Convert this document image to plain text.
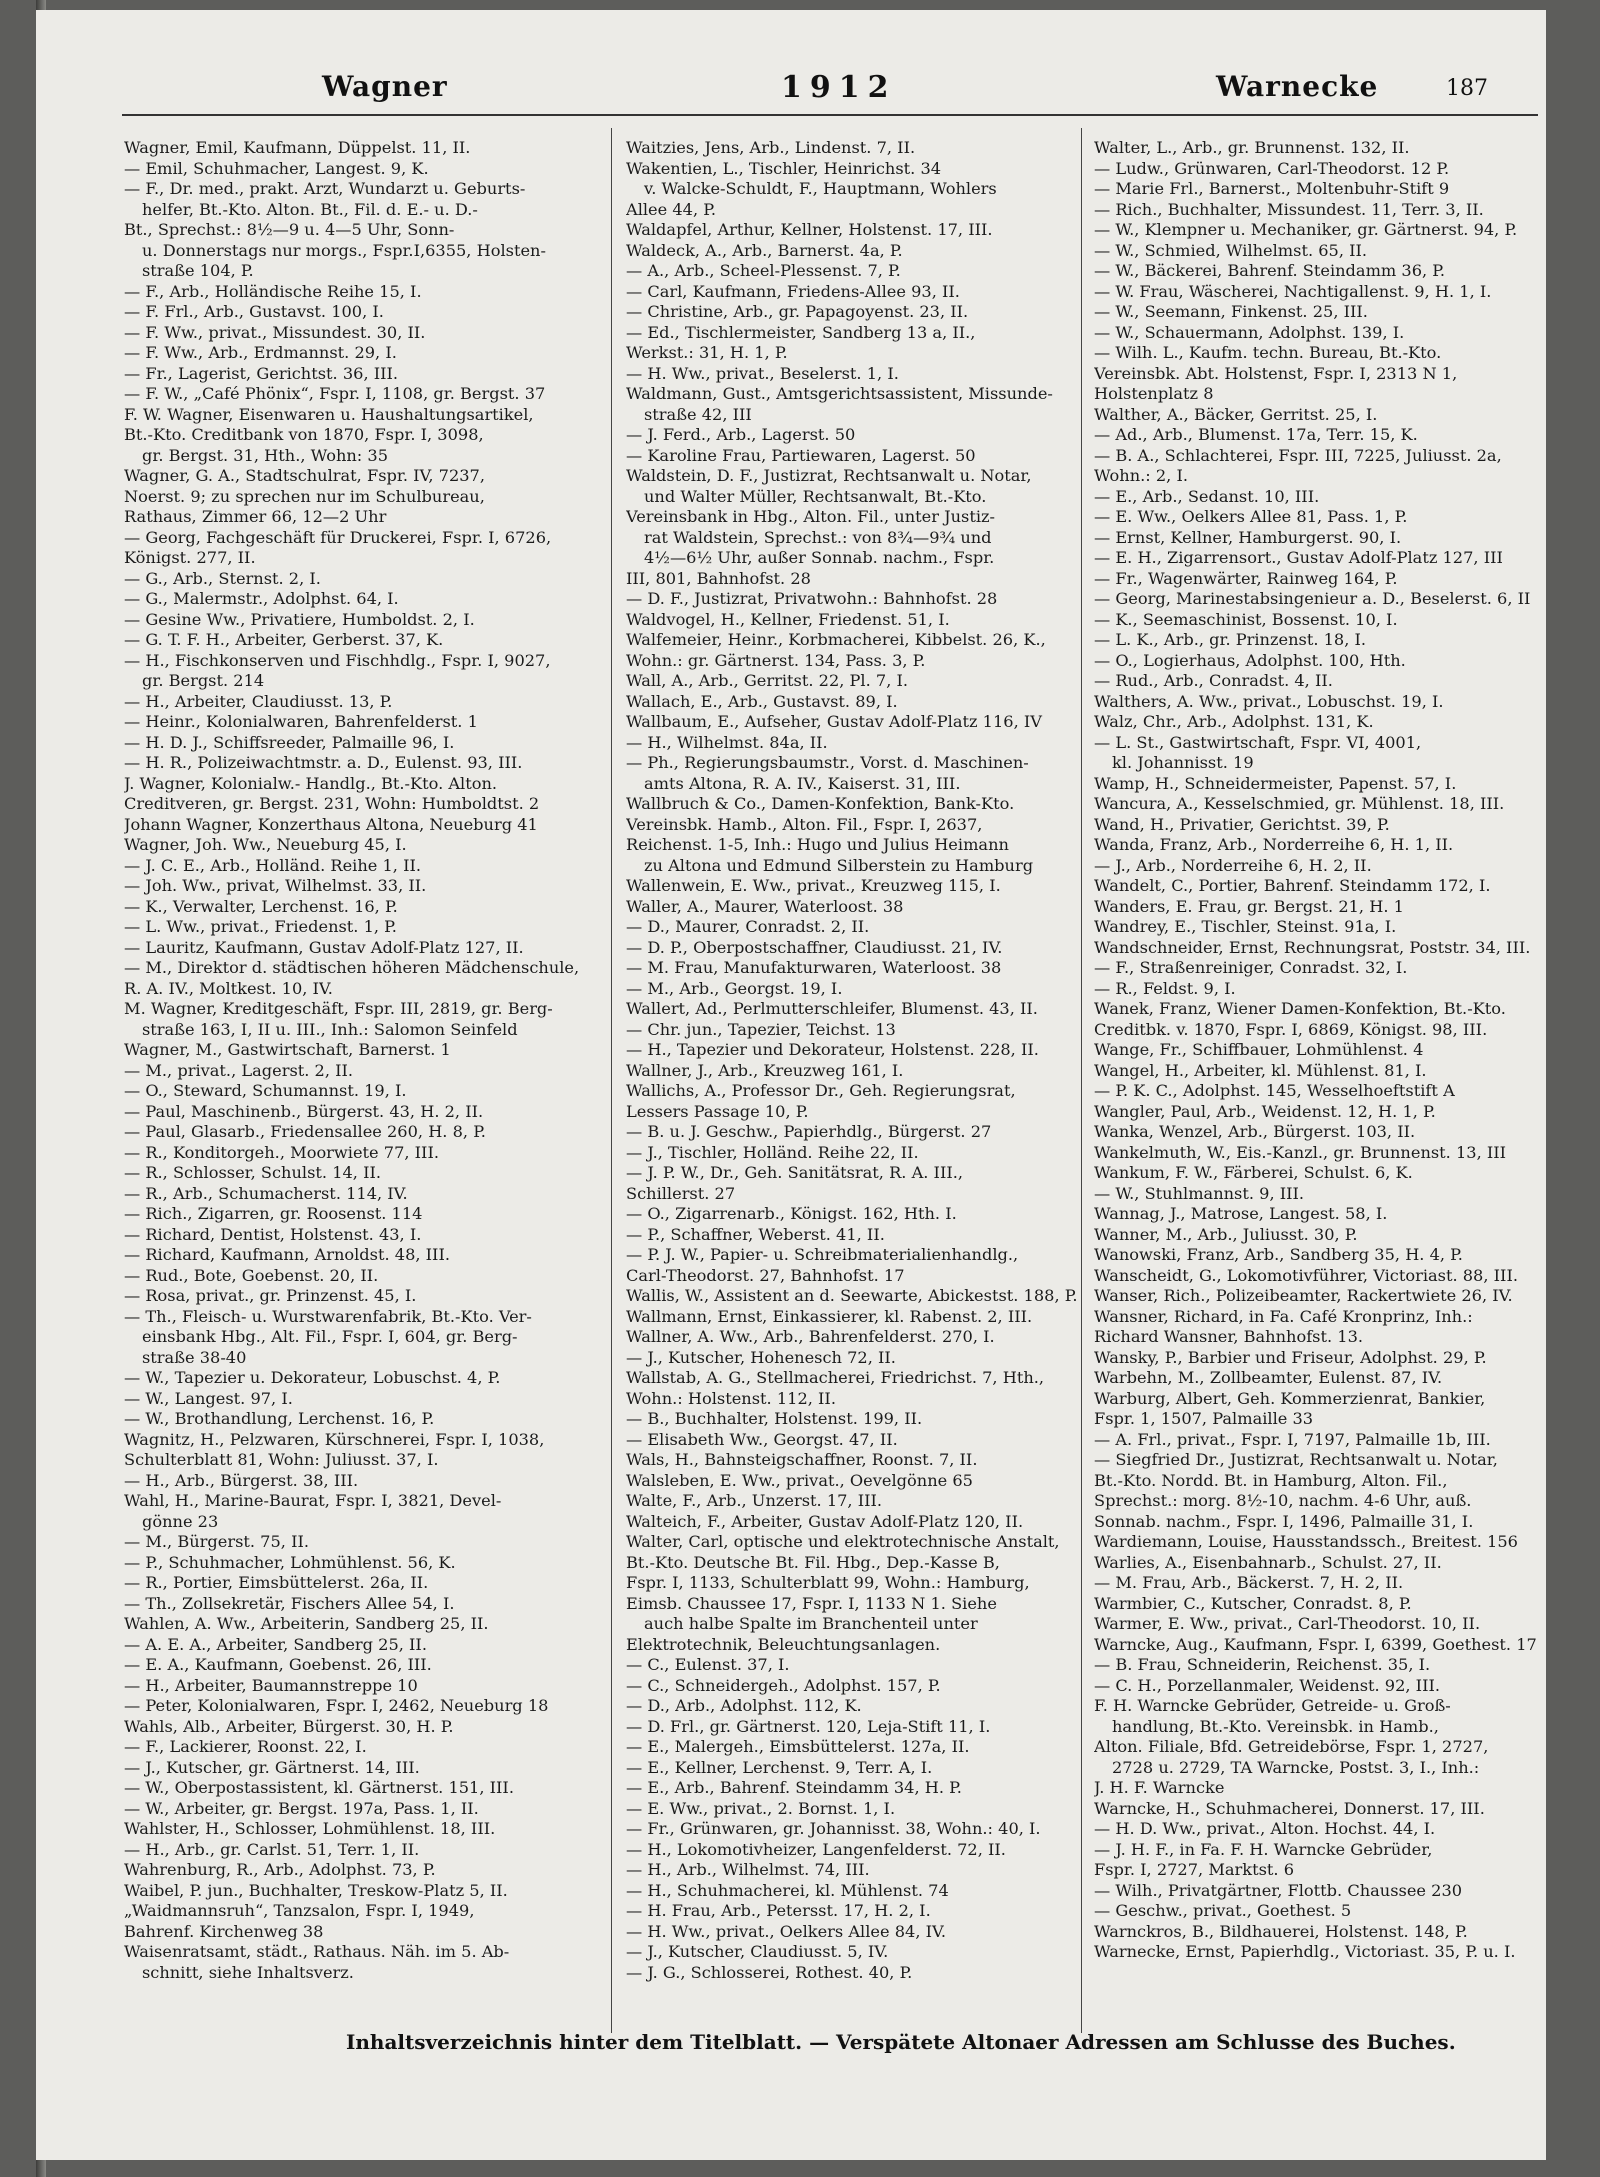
Wagner	1912	Warnecke	187
Wagner, Emil, Kaufmann, Düppelst. 11, II.
— Emil, Schuhmacher, Langest. 9, K.
— F., Dr. med., prakt. Arzt, Wundarzt u. Geburts-
helfer, Bt.-Kto. Alton. Bt., Fil. d. E.- u. D.-
Bt., Sprechst.: 8½—9 u. 4—5 Uhr, Sonn-
u. Donnerstags nur morgs., Fspr.I,6355, Holsten-
straße 104, P.
— F., Arb., Holländische Reihe 15, I.
— F. Frl., Arb., Gustavst. 100, I.
— F. Ww., privat., Missundest. 30, II.
— F. Ww., Arb., Erdmannst. 29, I.
— Fr., Lagerist, Gerichtst. 36, III.
— F. W., „Café Phönix“, Fspr. I, 1108, gr. Bergst. 37
F. W. Wagner, Eisenwaren u. Haushaltungsartikel,
Bt.-Kto. Creditbank von 1870, Fspr. I, 3098,
gr. Bergst. 31, Hth., Wohn: 35
Wagner, G. A., Stadtschulrat, Fspr. IV, 7237,
Noerst. 9; zu sprechen nur im Schulbureau,
Rathaus, Zimmer 66, 12—2 Uhr
— Georg, Fachgeschäft für Druckerei, Fspr. I, 6726,
Königst. 277, II.
— G., Arb., Sternst. 2, I.
— G., Malermstr., Adolphst. 64, I.
— Gesine Ww., Privatiere, Humboldst. 2, I.
— G. T. F. H., Arbeiter, Gerberst. 37, K.
— H., Fischkonserven und Fischhdlg., Fspr. I, 9027,
gr. Bergst. 214
— H., Arbeiter, Claudiusst. 13, P.
— Heinr., Kolonialwaren, Bahrenfelderst. 1
— H. D. J., Schiffsreeder, Palmaille 96, I.
— H. R., Polizeiwachtmstr. a. D., Eulenst. 93, III.
J. Wagner, Kolonialw.- Handlg., Bt.-Kto. Alton.
Creditveren, gr. Bergst. 231, Wohn: Humboldtst. 2
Johann Wagner, Konzerthaus Altona, Neueburg 41
Wagner, Joh. Ww., Neueburg 45, I.
— J. C. E., Arb., Holländ. Reihe 1, II.
— Joh. Ww., privat, Wilhelmst. 33, II.
— K., Verwalter, Lerchenst. 16, P.
— L. Ww., privat., Friedenst. 1, P.
— Lauritz, Kaufmann, Gustav Adolf-Platz 127, II.
— M., Direktor d. städtischen höheren Mädchenschule,
R. A. IV., Moltkest. 10, IV.
M. Wagner, Kreditgeschäft, Fspr. III, 2819, gr. Berg-
straße 163, I, II u. III., Inh.: Salomon Seinfeld
Wagner, M., Gastwirtschaft, Barnerst. 1
— M., privat., Lagerst. 2, II.
— O., Steward, Schumannst. 19, I.
— Paul, Maschinenb., Bürgerst. 43, H. 2, II.
— Paul, Glasarb., Friedensallee 260, H. 8, P.
— R., Konditorgeh., Moorwiete 77, III.
— R., Schlosser, Schulst. 14, II.
— R., Arb., Schumacherst. 114, IV.
— Rich., Zigarren, gr. Roosenst. 114
— Richard, Dentist, Holstenst. 43, I.
— Richard, Kaufmann, Arnoldst. 48, III.
— Rud., Bote, Goebenst. 20, II.
— Rosa, privat., gr. Prinzenst. 45, I.
— Th., Fleisch- u. Wurstwarenfabrik, Bt.-Kto. Ver-
einsbank Hbg., Alt. Fil., Fspr. I, 604, gr. Berg-
straße 38-40
— W., Tapezier u. Dekorateur, Lobuschst. 4, P.
— W., Langest. 97, I.
— W., Brothandlung, Lerchenst. 16, P.
Wagnitz, H., Pelzwaren, Kürschnerei, Fspr. I, 1038,
Schulterblatt 81, Wohn: Juliusst. 37, I.
— H., Arb., Bürgerst. 38, III.
Wahl, H., Marine-Baurat, Fspr. I, 3821, Devel-
gönne 23
— M., Bürgerst. 75, II.
— P., Schuhmacher, Lohmühlenst. 56, K.
— R., Portier, Eimsbüttelerst. 26a, II.
— Th., Zollsekretär, Fischers Allee 54, I.
Wahlen, A. Ww., Arbeiterin, Sandberg 25, II.
— A. E. A., Arbeiter, Sandberg 25, II.
— E. A., Kaufmann, Goebenst. 26, III.
— H., Arbeiter, Baumannstreppe 10
— Peter, Kolonialwaren, Fspr. I, 2462, Neueburg 18
Wahls, Alb., Arbeiter, Bürgerst. 30, H. P.
— F., Lackierer, Roonst. 22, I.
— J., Kutscher, gr. Gärtnerst. 14, III.
— W., Oberpostassistent, kl. Gärtnerst. 151, III.
— W., Arbeiter, gr. Bergst. 197a, Pass. 1, II.
Wahlster, H., Schlosser, Lohmühlenst. 18, III.
— H., Arb., gr. Carlst. 51, Terr. 1, II.
Wahrenburg, R., Arb., Adolphst. 73, P.
Waibel, P. jun., Buchhalter, Treskow-Platz 5, II.
„Waidmannsruh“, Tanzsalon, Fspr. I, 1949,
Bahrenf. Kirchenweg 38
Waisenratsamt, städt., Rathaus. Näh. im 5. Ab-
schnitt, siehe Inhaltsverz.
Waitzies, Jens, Arb., Lindenst. 7, II.
Wakentien, L., Tischler, Heinrichst. 34
v. Walcke-Schuldt, F., Hauptmann, Wohlers
Allee 44, P.
Waldapfel, Arthur, Kellner, Holstenst. 17, III.
Waldeck, A., Arb., Barnerst. 4a, P.
— A., Arb., Scheel-Plessenst. 7, P.
— Carl, Kaufmann, Friedens-Allee 93, II.
— Christine, Arb., gr. Papagoyenst. 23, II.
— Ed., Tischlermeister, Sandberg 13 a, II.,
Werkst.: 31, H. 1, P.
— H. Ww., privat., Beselerst. 1, I.
Waldmann, Gust., Amtsgerichtsassistent, Missunde-
straße 42, III
— J. Ferd., Arb., Lagerst. 50
— Karoline Frau, Partiewaren, Lagerst. 50
Waldstein, D. F., Justizrat, Rechtsanwalt u. Notar,
und Walter Müller, Rechtsanwalt, Bt.-Kto.
Vereinsbank in Hbg., Alton. Fil., unter Justiz-
rat Waldstein, Sprechst.: von 8¾—9¾ und
4½—6½ Uhr, außer Sonnab. nachm., Fspr.
III, 801, Bahnhofst. 28
— D. F., Justizrat, Privatwohn.: Bahnhofst. 28
Waldvogel, H., Kellner, Friedenst. 51, I.
Walfemeier, Heinr., Korbmacherei, Kibbelst. 26, K.,
Wohn.: gr. Gärtnerst. 134, Pass. 3, P.
Wall, A., Arb., Gerritst. 22, Pl. 7, I.
Wallach, E., Arb., Gustavst. 89, I.
Wallbaum, E., Aufseher, Gustav Adolf-Platz 116, IV
— H., Wilhelmst. 84a, II.
— Ph., Regierungsbaumstr., Vorst. d. Maschinen-
amts Altona, R. A. IV., Kaiserst. 31, III.
Wallbruch & Co., Damen-Konfektion, Bank-Kto.
Vereinsbk. Hamb., Alton. Fil., Fspr. I, 2637,
Reichenst. 1-5, Inh.: Hugo und Julius Heimann
zu Altona und Edmund Silberstein zu Hamburg
Wallenwein, E. Ww., privat., Kreuzweg 115, I.
Waller, A., Maurer, Waterloost. 38
— D., Maurer, Conradst. 2, II.
— D. P., Oberpostschaffner, Claudiusst. 21, IV.
— M. Frau, Manufakturwaren, Waterloost. 38
— M., Arb., Georgst. 19, I.
Wallert, Ad., Perlmutterschleifer, Blumenst. 43, II.
— Chr. jun., Tapezier, Teichst. 13
— H., Tapezier und Dekorateur, Holstenst. 228, II.
Wallner, J., Arb., Kreuzweg 161, I.
Wallichs, A., Professor Dr., Geh. Regierungsrat,
Lessers Passage 10, P.
— B. u. J. Geschw., Papierhdlg., Bürgerst. 27
— J., Tischler, Holländ. Reihe 22, II.
— J. P. W., Dr., Geh. Sanitätsrat, R. A. III.,
Schillerst. 27
— O., Zigarrenarb., Königst. 162, Hth. I.
— P., Schaffner, Weberst. 41, II.
— P. J. W., Papier- u. Schreibmaterialienhandlg.,
Carl-Theodorst. 27, Bahnhofst. 17
Wallis, W., Assistent an d. Seewarte, Abickestst. 188, P.
Wallmann, Ernst, Einkassierer, kl. Rabenst. 2, III.
Wallner, A. Ww., Arb., Bahrenfelderst. 270, I.
— J., Kutscher, Hohenesch 72, II.
Wallstab, A. G., Stellmacherei, Friedrichst. 7, Hth.,
Wohn.: Holstenst. 112, II.
— B., Buchhalter, Holstenst. 199, II.
— Elisabeth Ww., Georgst. 47, II.
Wals, H., Bahnsteigschaffner, Roonst. 7, II.
Walsleben, E. Ww., privat., Oevelgönne 65
Walte, F., Arb., Unzerst. 17, III.
Walteich, F., Arbeiter, Gustav Adolf-Platz 120, II.
Walter, Carl, optische und elektrotechnische Anstalt,
Bt.-Kto. Deutsche Bt. Fil. Hbg., Dep.-Kasse B,
Fspr. I, 1133, Schulterblatt 99, Wohn.: Hamburg,
Eimsb. Chaussee 17, Fspr. I, 1133 N 1. Siehe
auch halbe Spalte im Branchenteil unter
Elektrotechnik, Beleuchtungsanlagen.
— C., Eulenst. 37, I.
— C., Schneidergeh., Adolphst. 157, P.
— D., Arb., Adolphst. 112, K.
— D. Frl., gr. Gärtnerst. 120, Leja-Stift 11, I.
— E., Malergeh., Eimsbüttelerst. 127a, II.
— E., Kellner, Lerchenst. 9, Terr. A, I.
— E., Arb., Bahrenf. Steindamm 34, H. P.
— E. Ww., privat., 2. Bornst. 1, I.
— Fr., Grünwaren, gr. Johannisst. 38, Wohn.: 40, I.
— H., Lokomotivheizer, Langenfelderst. 72, II.
— H., Arb., Wilhelmst. 74, III.
— H., Schuhmacherei, kl. Mühlenst. 74
— H. Frau, Arb., Petersst. 17, H. 2, I.
— H. Ww., privat., Oelkers Allee 84, IV.
— J., Kutscher, Claudiusst. 5, IV.
— J. G., Schlosserei, Rothest. 40, P.
Walter, L., Arb., gr. Brunnenst. 132, II.
— Ludw., Grünwaren, Carl-Theodorst. 12 P.
— Marie Frl., Barnerst., Moltenbuhr-Stift 9
— Rich., Buchhalter, Missundest. 11, Terr. 3, II.
— W., Klempner u. Mechaniker, gr. Gärtnerst. 94, P.
— W., Schmied, Wilhelmst. 65, II.
— W., Bäckerei, Bahrenf. Steindamm 36, P.
— W. Frau, Wäscherei, Nachtigallenst. 9, H. 1, I.
— W., Seemann, Finkenst. 25, III.
— W., Schauermann, Adolphst. 139, I.
— Wilh. L., Kaufm. techn. Bureau, Bt.-Kto.
Vereinsbk. Abt. Holstenst, Fspr. I, 2313 N 1,
Holstenplatz 8
Walther, A., Bäcker, Gerritst. 25, I.
— Ad., Arb., Blumenst. 17a, Terr. 15, K.
— B. A., Schlachterei, Fspr. III, 7225, Juliusst. 2a,
Wohn.: 2, I.
— E., Arb., Sedanst. 10, III.
— E. Ww., Oelkers Allee 81, Pass. 1, P.
— Ernst, Kellner, Hamburgerst. 90, I.
— E. H., Zigarrensort., Gustav Adolf-Platz 127, III
— Fr., Wagenwärter, Rainweg 164, P.
— Georg, Marinestabsingenieur a. D., Beselerst. 6, II
— K., Seemaschinist, Bossenst. 10, I.
— L. K., Arb., gr. Prinzenst. 18, I.
— O., Logierhaus, Adolphst. 100, Hth.
— Rud., Arb., Conradst. 4, II.
Walthers, A. Ww., privat., Lobuschst. 19, I.
Walz, Chr., Arb., Adolphst. 131, K.
— L. St., Gastwirtschaft, Fspr. VI, 4001,
kl. Johannisst. 19
Wamp, H., Schneidermeister, Papenst. 57, I.
Wancura, A., Kesselschmied, gr. Mühlenst. 18, III.
Wand, H., Privatier, Gerichtst. 39, P.
Wanda, Franz, Arb., Norderreihe 6, H. 1, II.
— J., Arb., Norderreihe 6, H. 2, II.
Wandelt, C., Portier, Bahrenf. Steindamm 172, I.
Wanders, E. Frau, gr. Bergst. 21, H. 1
Wandrey, E., Tischler, Steinst. 91a, I.
Wandschneider, Ernst, Rechnungsrat, Poststr. 34, III.
— F., Straßenreiniger, Conradst. 32, I.
— R., Feldst. 9, I.
Wanek, Franz, Wiener Damen-Konfektion, Bt.-Kto.
Creditbk. v. 1870, Fspr. I, 6869, Königst. 98, III.
Wange, Fr., Schiffbauer, Lohmühlenst. 4
Wangel, H., Arbeiter, kl. Mühlenst. 81, I.
— P. K. C., Adolphst. 145, Wesselhoeftstift A
Wangler, Paul, Arb., Weidenst. 12, H. 1, P.
Wanka, Wenzel, Arb., Bürgerst. 103, II.
Wankelmuth, W., Eis.-Kanzl., gr. Brunnenst. 13, III
Wankum, F. W., Färberei, Schulst. 6, K.
— W., Stuhlmannst. 9, III.
Wannag, J., Matrose, Langest. 58, I.
Wanner, M., Arb., Juliusst. 30, P.
Wanowski, Franz, Arb., Sandberg 35, H. 4, P.
Wanscheidt, G., Lokomotivführer, Victoriast. 88, III.
Wanser, Rich., Polizeibeamter, Rackertwiete 26, IV.
Wansner, Richard, in Fa. Café Kronprinz, Inh.:
Richard Wansner, Bahnhofst. 13.
Wansky, P., Barbier und Friseur, Adolphst. 29, P.
Warbehn, M., Zollbeamter, Eulenst. 87, IV.
Warburg, Albert, Geh. Kommerzienrat, Bankier,
Fspr. 1, 1507, Palmaille 33
— A. Frl., privat., Fspr. I, 7197, Palmaille 1b, III.
— Siegfried Dr., Justizrat, Rechtsanwalt u. Notar,
Bt.-Kto. Nordd. Bt. in Hamburg, Alton. Fil.,
Sprechst.: morg. 8½-10, nachm. 4-6 Uhr, auß.
Sonnab. nachm., Fspr. I, 1496, Palmaille 31, I.
Wardiemann, Louise, Hausstandssch., Breitest. 156
Warlies, A., Eisenbahnarb., Schulst. 27, II.
— M. Frau, Arb., Bäckerst. 7, H. 2, II.
Warmbier, C., Kutscher, Conradst. 8, P.
Warmer, E. Ww., privat., Carl-Theodorst. 10, II.
Warncke, Aug., Kaufmann, Fspr. I, 6399, Goethest. 17
— B. Frau, Schneiderin, Reichenst. 35, I.
— C. H., Porzellanmaler, Weidenst. 92, III.
F. H. Warncke Gebrüder, Getreide- u. Groß-
handlung, Bt.-Kto. Vereinsbk. in Hamb.,
Alton. Filiale, Bfd. Getreidebörse, Fspr. 1, 2727,
2728 u. 2729, TA Warncke, Postst. 3, I., Inh.:
J. H. F. Warncke
Warncke, H., Schuhmacherei, Donnerst. 17, III.
— H. D. Ww., privat., Alton. Hochst. 44, I.
— J. H. F., in Fa. F. H. Warncke Gebrüder,
Fspr. I, 2727, Marktst. 6
— Wilh., Privatgärtner, Flottb. Chaussee 230
— Geschw., privat., Goethest. 5
Warnckros, B., Bildhauerei, Holstenst. 148, P.
Warnecke, Ernst, Papierhdlg., Victoriast. 35, P. u. I.
Inhaltsverzeichnis hinter dem Titelblatt. — Verspätete Altonaer Adressen am Schlusse des Buches.
